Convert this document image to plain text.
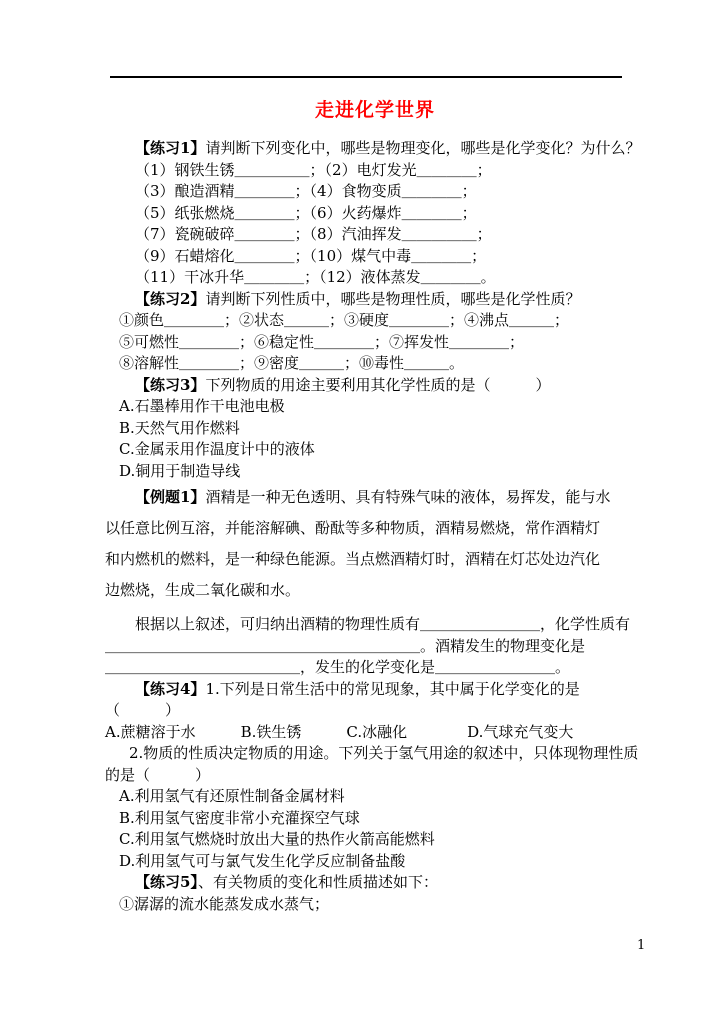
走进化学世界
【练习1】请判断下列变化中，哪些是物理变化，哪些是化学变化？为什么？
（1）钢铁生锈＿＿＿＿＿；（2）电灯发光＿＿＿＿；
（3）酿造酒精＿＿＿＿；（4）食物变质＿＿＿＿；
（5）纸张燃烧＿＿＿＿；（6）火药爆炸＿＿＿＿；
（7）瓷碗破碎＿＿＿＿；（8）汽油挥发＿＿＿＿＿；
（9）石蜡熔化＿＿＿＿；（10）煤气中毒＿＿＿＿；
（11）干冰升华＿＿＿＿；（12）液体蒸发＿＿＿＿。
【练习2】请判断下列性质中，哪些是物理性质，哪些是化学性质？
①颜色＿＿＿＿；②状态＿＿＿；③硬度＿＿＿＿；④沸点＿＿＿；
⑤可燃性＿＿＿＿；⑥稳定性＿＿＿＿；⑦挥发性＿＿＿＿；
⑧溶解性＿＿＿＿；⑨密度＿＿＿；⑩毒性＿＿＿。
【练习3】下列物质的用途主要利用其化学性质的是（　　　）
A.石墨棒用作干电池电极
B.天然气用作燃料
C.金属汞用作温度计中的液体
D.铜用于制造导线
【例题1】酒精是一种无色透明、具有特殊气味的液体，易挥发，能与水
以任意比例互溶，并能溶解碘、酚酞等多种物质，酒精易燃烧，常作酒精灯
和内燃机的燃料，是一种绿色能源。当点燃酒精灯时，酒精在灯芯处边汽化
边燃烧，生成二氧化碳和水。
根据以上叙述，可归纳出酒精的物理性质有＿＿＿＿＿＿＿＿，化学性质有
＿＿＿＿＿＿＿＿＿＿＿＿＿＿＿＿＿＿＿＿＿。酒精发生的物理变化是
＿＿＿＿＿＿＿＿＿＿＿＿＿，发生的化学变化是＿＿＿＿＿＿＿＿。
【练习4】1.下列是日常生活中的常见现象，其中属于化学变化的是
（　　　）
A.蔗糖溶于水　　　B.铁生锈　　　C.冰融化　　　　D.气球充气变大
2.物质的性质决定物质的用途。下列关于氢气用途的叙述中，只体现物理性质
的是（　　　）
A.利用氢气有还原性制备金属材料
B.利用氢气密度非常小充灌探空气球
C.利用氢气燃烧时放出大量的热作火箭高能燃料
D.利用氢气可与氯气发生化学反应制备盐酸
【练习5】、有关物质的变化和性质描述如下：
①潺潺的流水能蒸发成水蒸气；
1
